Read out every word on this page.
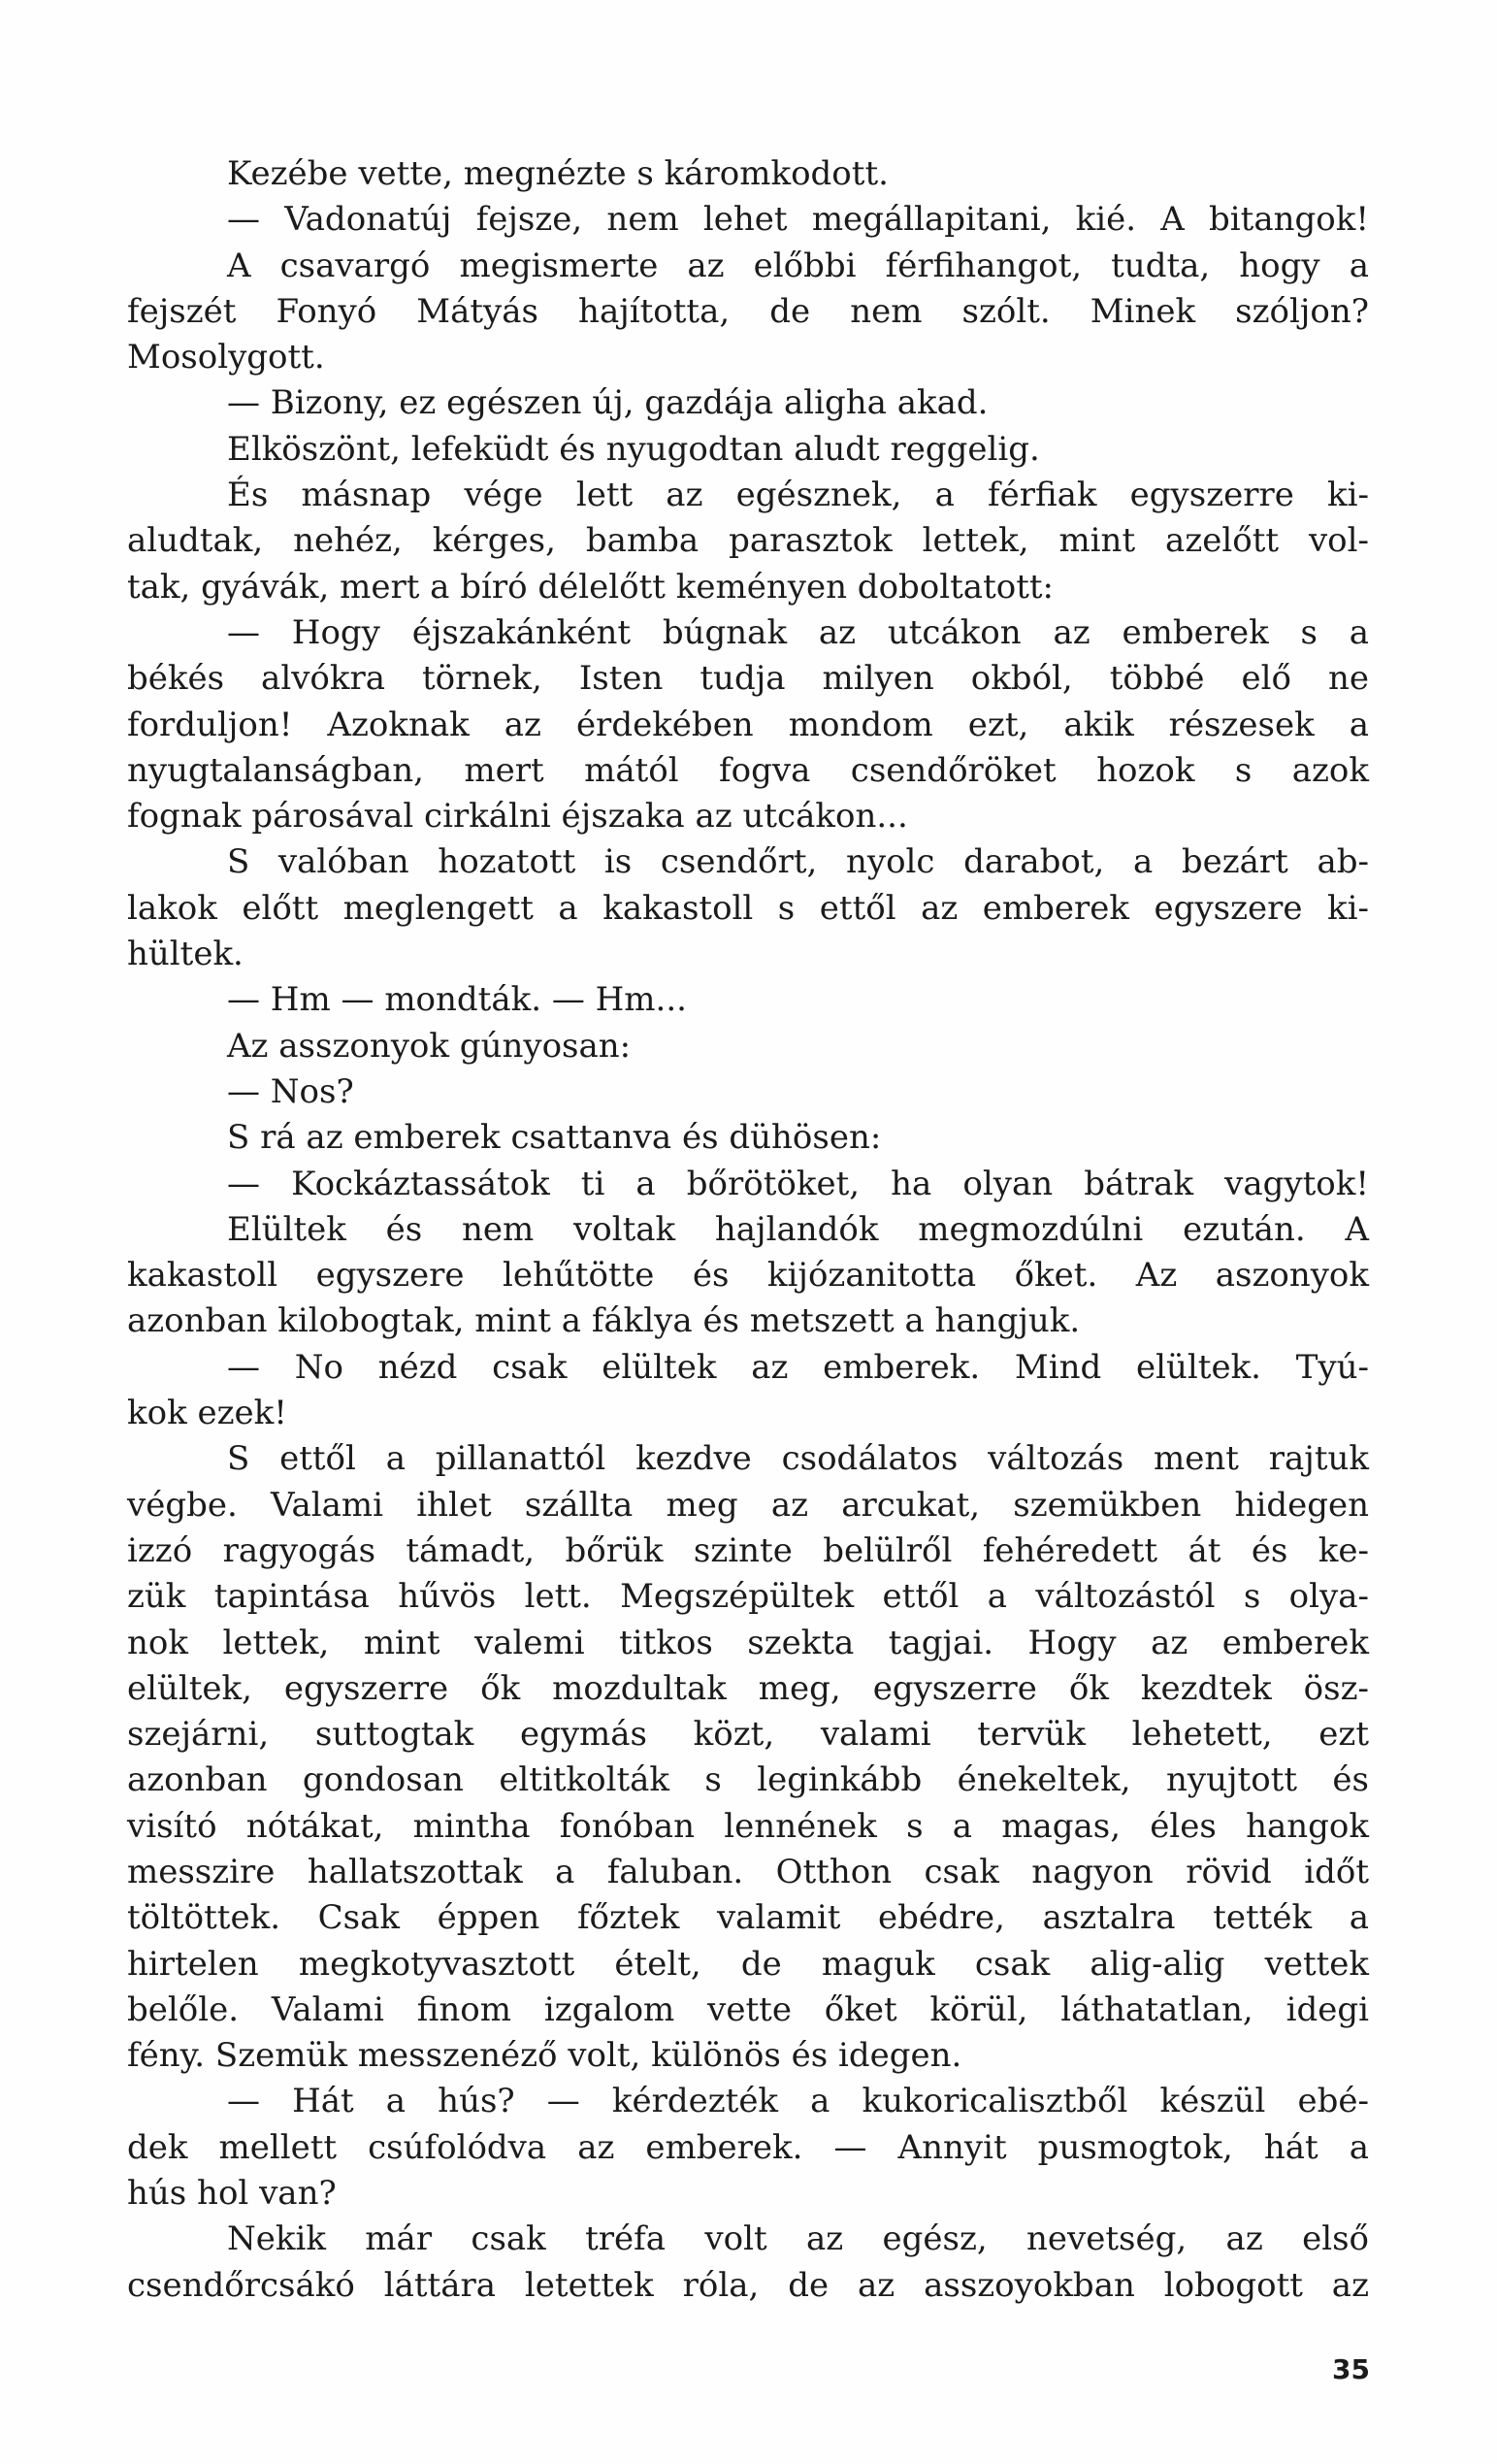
Kezébe vette, megnézte s káromkodott.
— Vadonatúj fejsze, nem lehet megállapitani, kié. A bitangok!
A csavargó megismerte az előbbi férfihangot, tudta, hogy a
fejszét Fonyó Mátyás hajította, de nem szólt. Minek szóljon?
Mosolygott.
— Bizony, ez egészen új, gazdája aligha akad.
Elköszönt, lefeküdt és nyugodtan aludt reggelig.
És másnap vége lett az egésznek, a férfiak egyszerre ki-
aludtak, nehéz, kérges, bamba parasztok lettek, mint azelőtt vol-
tak, gyávák, mert a bíró délelőtt keményen doboltatott:
— Hogy éjszakánként búgnak az utcákon az emberek s a
békés alvókra törnek, Isten tudja milyen okból, többé elő ne
forduljon! Azoknak az érdekében mondom ezt, akik részesek a
nyugtalanságban, mert mától fogva csendőröket hozok s azok
fognak párosával cirkálni éjszaka az utcákon...
S valóban hozatott is csendőrt, nyolc darabot, a bezárt ab-
lakok előtt meglengett a kakastoll s ettől az emberek egyszere ki-
hültek.
— Hm — mondták. — Hm...
Az asszonyok gúnyosan:
— Nos?
S rá az emberek csattanva és dühösen:
— Kockáztassátok ti a bőrötöket, ha olyan bátrak vagytok!
Elültek és nem voltak hajlandók megmozdúlni ezután. A
kakastoll egyszere lehűtötte és kijózanitotta őket. Az aszonyok
azonban kilobogtak, mint a fáklya és metszett a hangjuk.
— No nézd csak elültek az emberek. Mind elültek. Tyú-
kok ezek!
S ettől a pillanattól kezdve csodálatos változás ment rajtuk
végbe. Valami ihlet szállta meg az arcukat, szemükben hidegen
izzó ragyogás támadt, bőrük szinte belülről fehéredett át és ke-
zük tapintása hűvös lett. Megszépültek ettől a változástól s olya-
nok lettek, mint valemi titkos szekta tagjai. Hogy az emberek
elültek, egyszerre ők mozdultak meg, egyszerre ők kezdtek ösz-
szejárni, suttogtak egymás közt, valami tervük lehetett, ezt
azonban gondosan eltitkolták s leginkább énekeltek, nyujtott és
visító nótákat, mintha fonóban lennének s a magas, éles hangok
messzire hallatszottak a faluban. Otthon csak nagyon rövid időt
töltöttek. Csak éppen főztek valamit ebédre, asztalra tették a
hirtelen megkotyvasztott ételt, de maguk csak alig-alig vettek
belőle. Valami finom izgalom vette őket körül, láthatatlan, idegi
fény. Szemük messzenéző volt, különös és idegen.
— Hát a hús? — kérdezték a kukoricalisztből készül ebé-
dek mellett csúfolódva az emberek. — Annyit pusmogtok, hát a
hús hol van?
Nekik már csak tréfa volt az egész, nevetség, az első
csendőrcsákó láttára letettek róla, de az asszoyokban lobogott az
35
